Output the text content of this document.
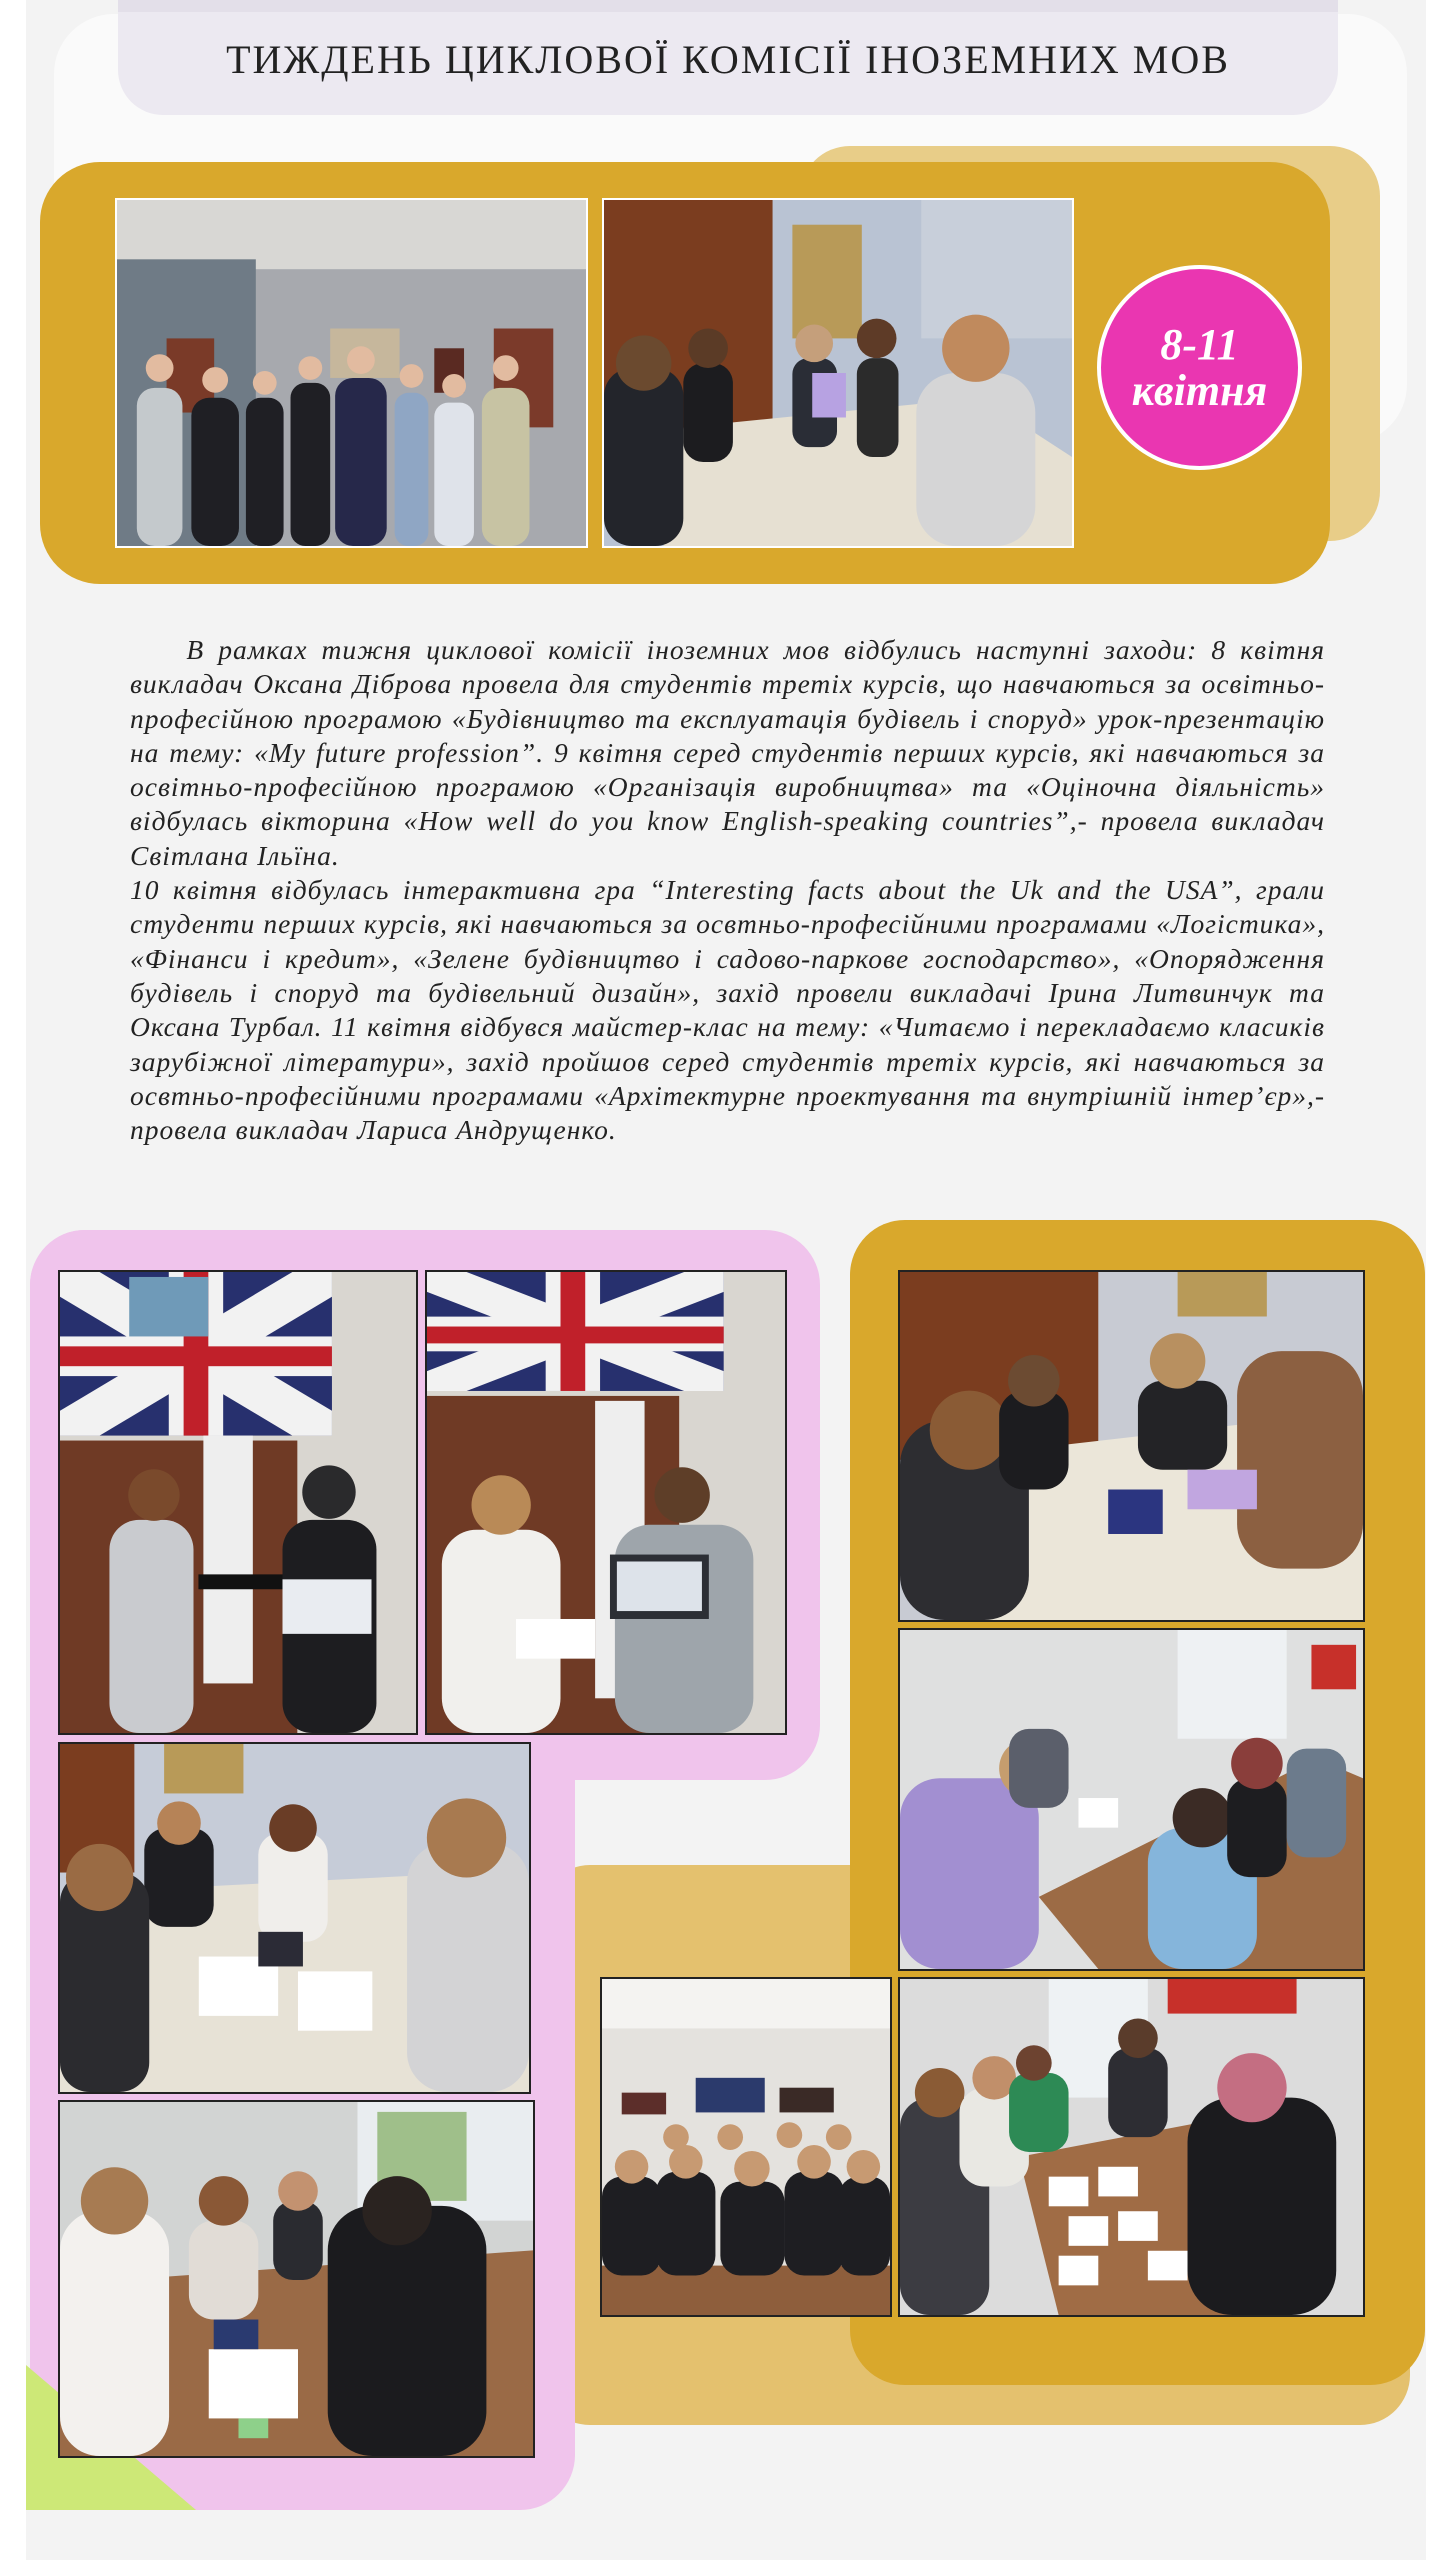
ТИЖДЕНЬ ЦИКЛОВОЇ КОМІСІЇ ІНОЗЕМНИХ МОВ
8-11
квітня

В рамках тижня циклової комісії іноземних мов відбулись наступні заходи: 8 квітня викладач Оксана Діброва провела для студентів третіх курсів, що навчаються за освітньо-професійною програмою «Будівництво та експлуатація будівель і споруд» урок-презентацію на тему: «My future profession”. 9 квітня серед студентів перших курсів, які навчаються за освітньо-професійною програмою «Організація виробництва» та «Оціночна діяльність» відбулась вікторина «How well do you know English-speaking countries”,- провела викладач Світлана Ільїна.

10 квітня відбулась інтерактивна гра “Interesting facts about the Uk and the USA”, грали студенти перших курсів, які навчаються за освтньо-професійними програмами «Логістика», «Фінанси і кредит», «Зелене будівництво і садово-паркове господарство», «Опорядження будівель і споруд та будівельний дизайн», захід провели викладачі Ірина Литвинчук та Оксана Турбал. 11 квітня відбувся майстер-клас на тему: «Читаємо і перекладаємо класиків зарубіжної літератури», захід пройшов серед студентів третіх курсів, які навчаються за освтньо-професійними програмами «Архітектурне проектування та внутрішній інтер’єр»,- провела викладач Лариса Андрущенко.
